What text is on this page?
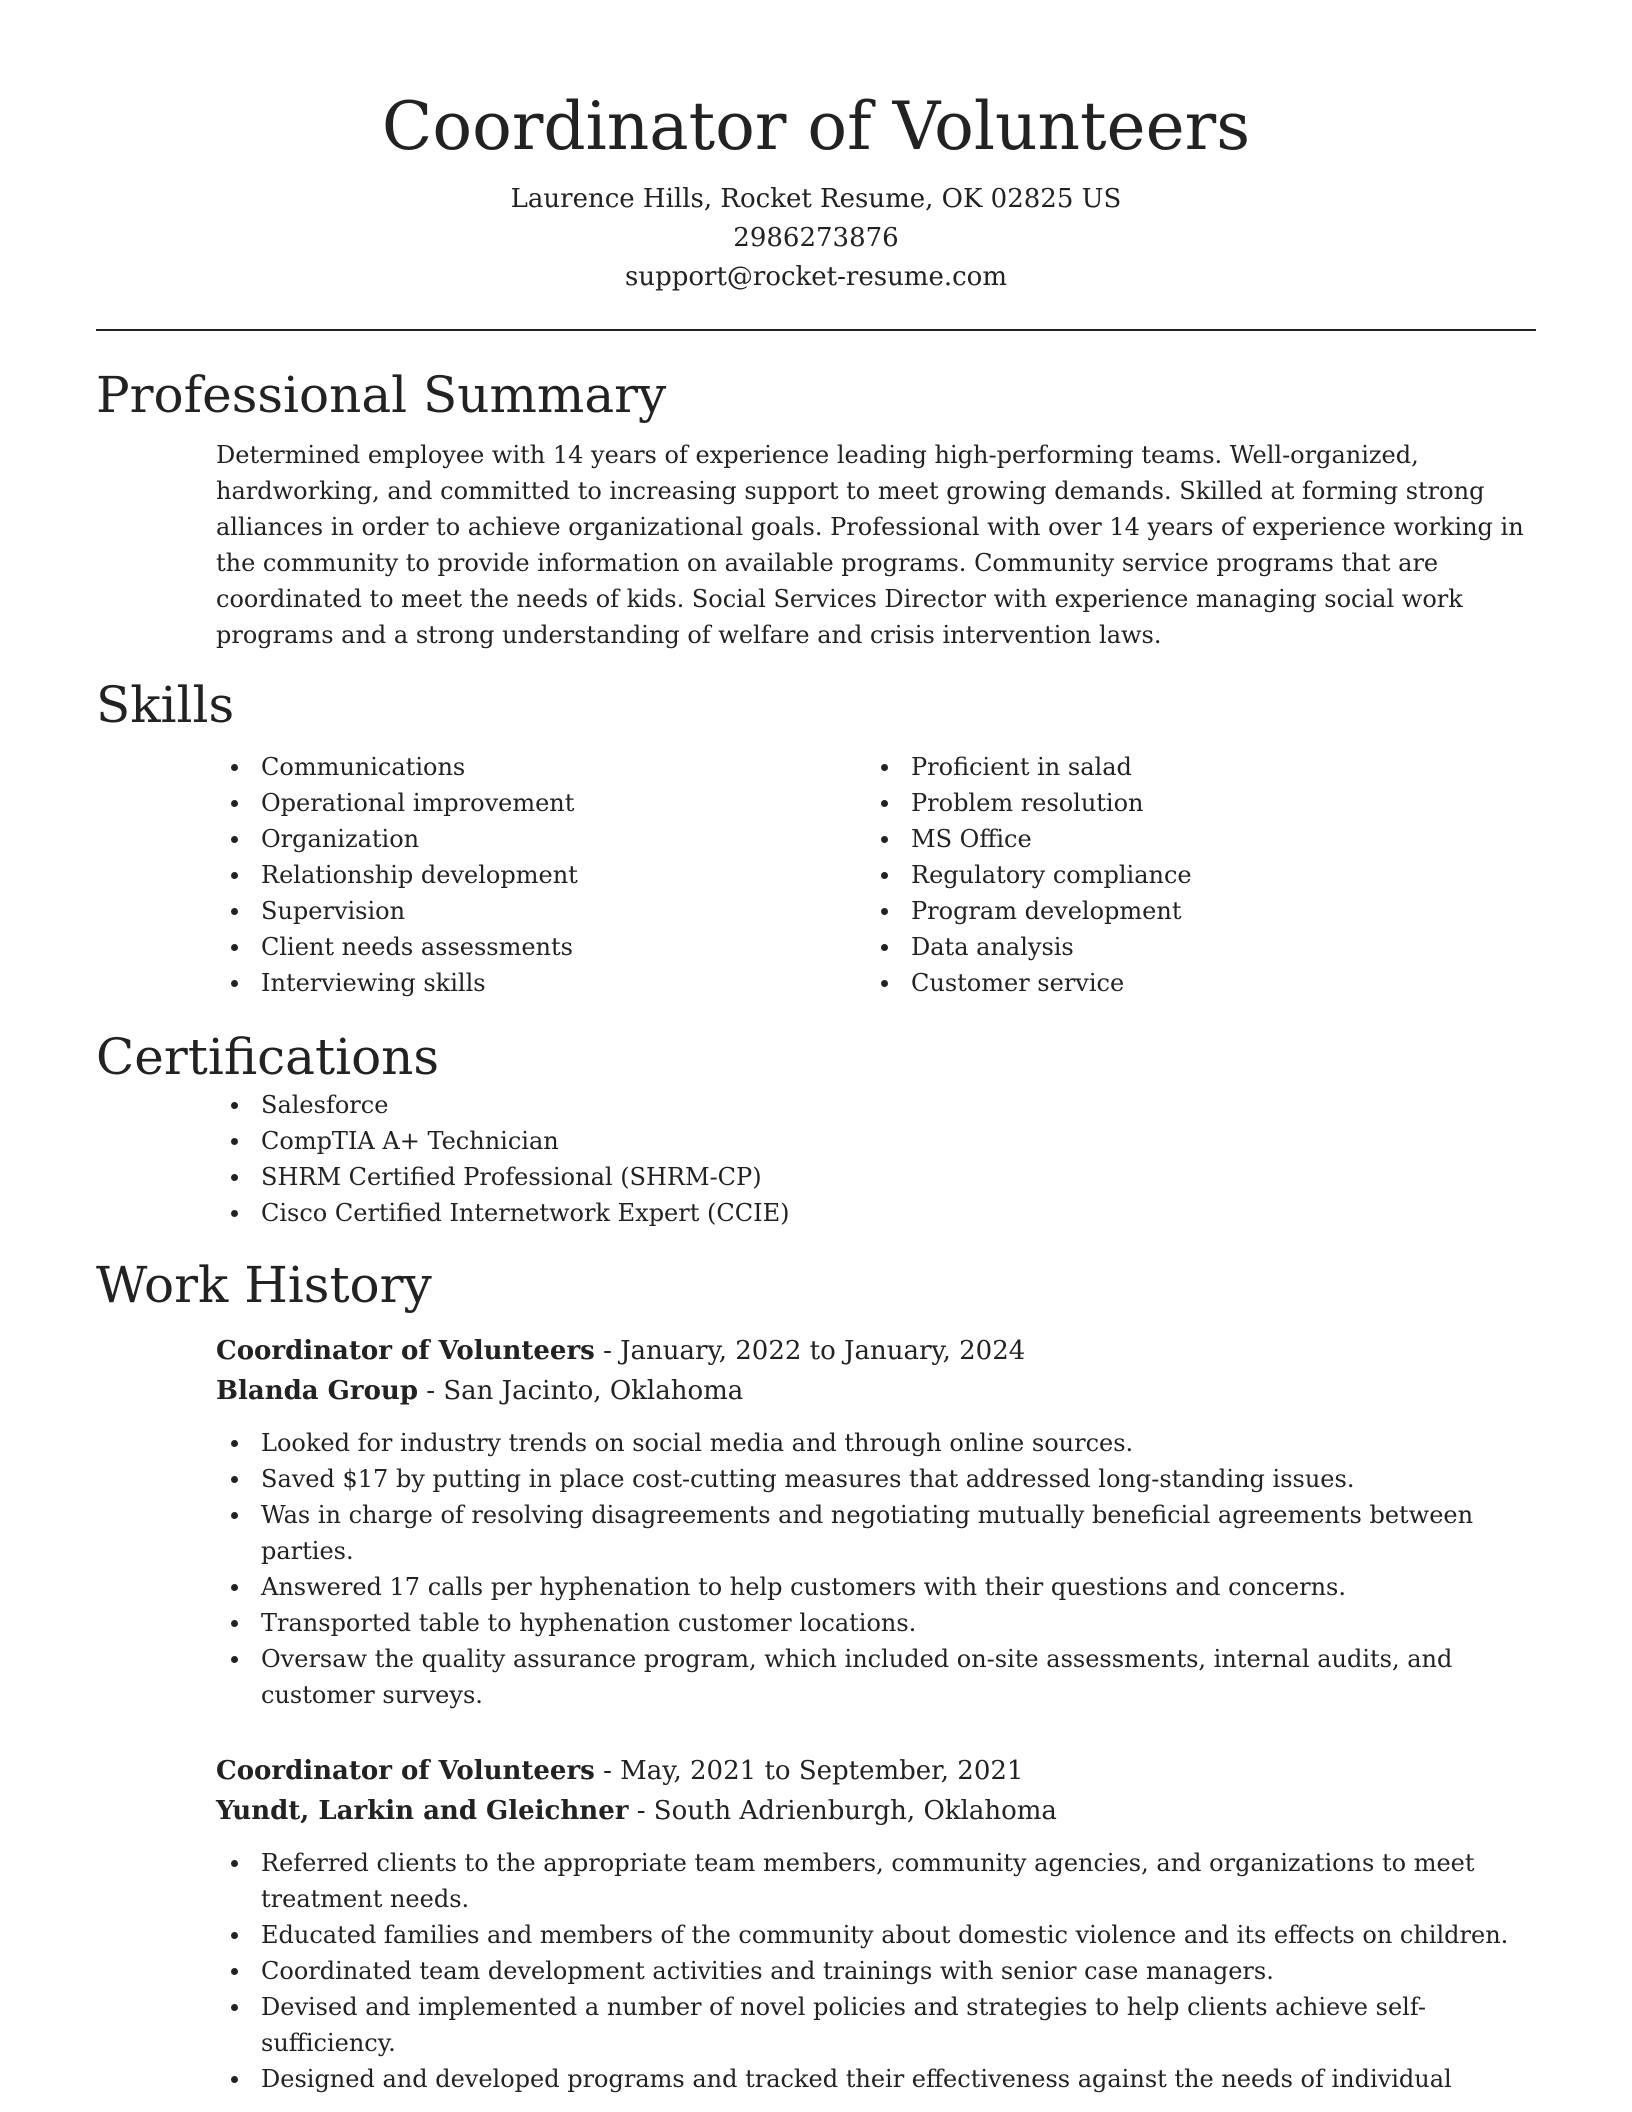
Coordinator of Volunteers
Laurence Hills, Rocket Resume, OK 02825 US
2986273876
support@rocket-resume.com
Professional Summary

Determined employee with 14 years of experience leading high-performing teams. Well-organized, hardworking, and committed to increasing support to meet growing demands. Skilled at forming strong alliances in order to achieve organizational goals. Professional with over 14 years of experience working in the community to provide information on available programs. Community service programs that are coordinated to meet the needs of kids. Social Services Director with experience managing social work programs and a strong understanding of welfare and crisis intervention laws.

Skills
Communications
Operational improvement
Organization
Relationship development
Supervision
Client needs assessments
Interviewing skills
Proficient in salad
Problem resolution
MS Office
Regulatory compliance
Program development
Data analysis
Customer service
Certifications
Salesforce
CompTIA A+ Technician
SHRM Certified Professional (SHRM-CP)
Cisco Certified Internetwork Expert (CCIE)
Work History
Coordinator of Volunteers - January, 2022 to January, 2024
Blanda Group - San Jacinto, Oklahoma
Looked for industry trends on social media and through online sources.
Saved $17 by putting in place cost-cutting measures that addressed long-standing issues.
Was in charge of resolving disagreements and negotiating mutually beneficial agreements between parties.
Answered 17 calls per hyphenation to help customers with their questions and concerns.
Transported table to hyphenation customer locations.
Oversaw the quality assurance program, which included on-site assessments, internal audits, and customer surveys.
Coordinator of Volunteers - May, 2021 to September, 2021
Yundt, Larkin and Gleichner - South Adrienburgh, Oklahoma
Referred clients to the appropriate team members, community agencies, and organizations to meet treatment needs.
Educated families and members of the community about domestic violence and its effects on children.
Coordinated team development activities and trainings with senior case managers.
Devised and implemented a number of novel policies and strategies to help clients achieve self-sufficiency.
Designed and developed programs and tracked their effectiveness against the needs of individual
